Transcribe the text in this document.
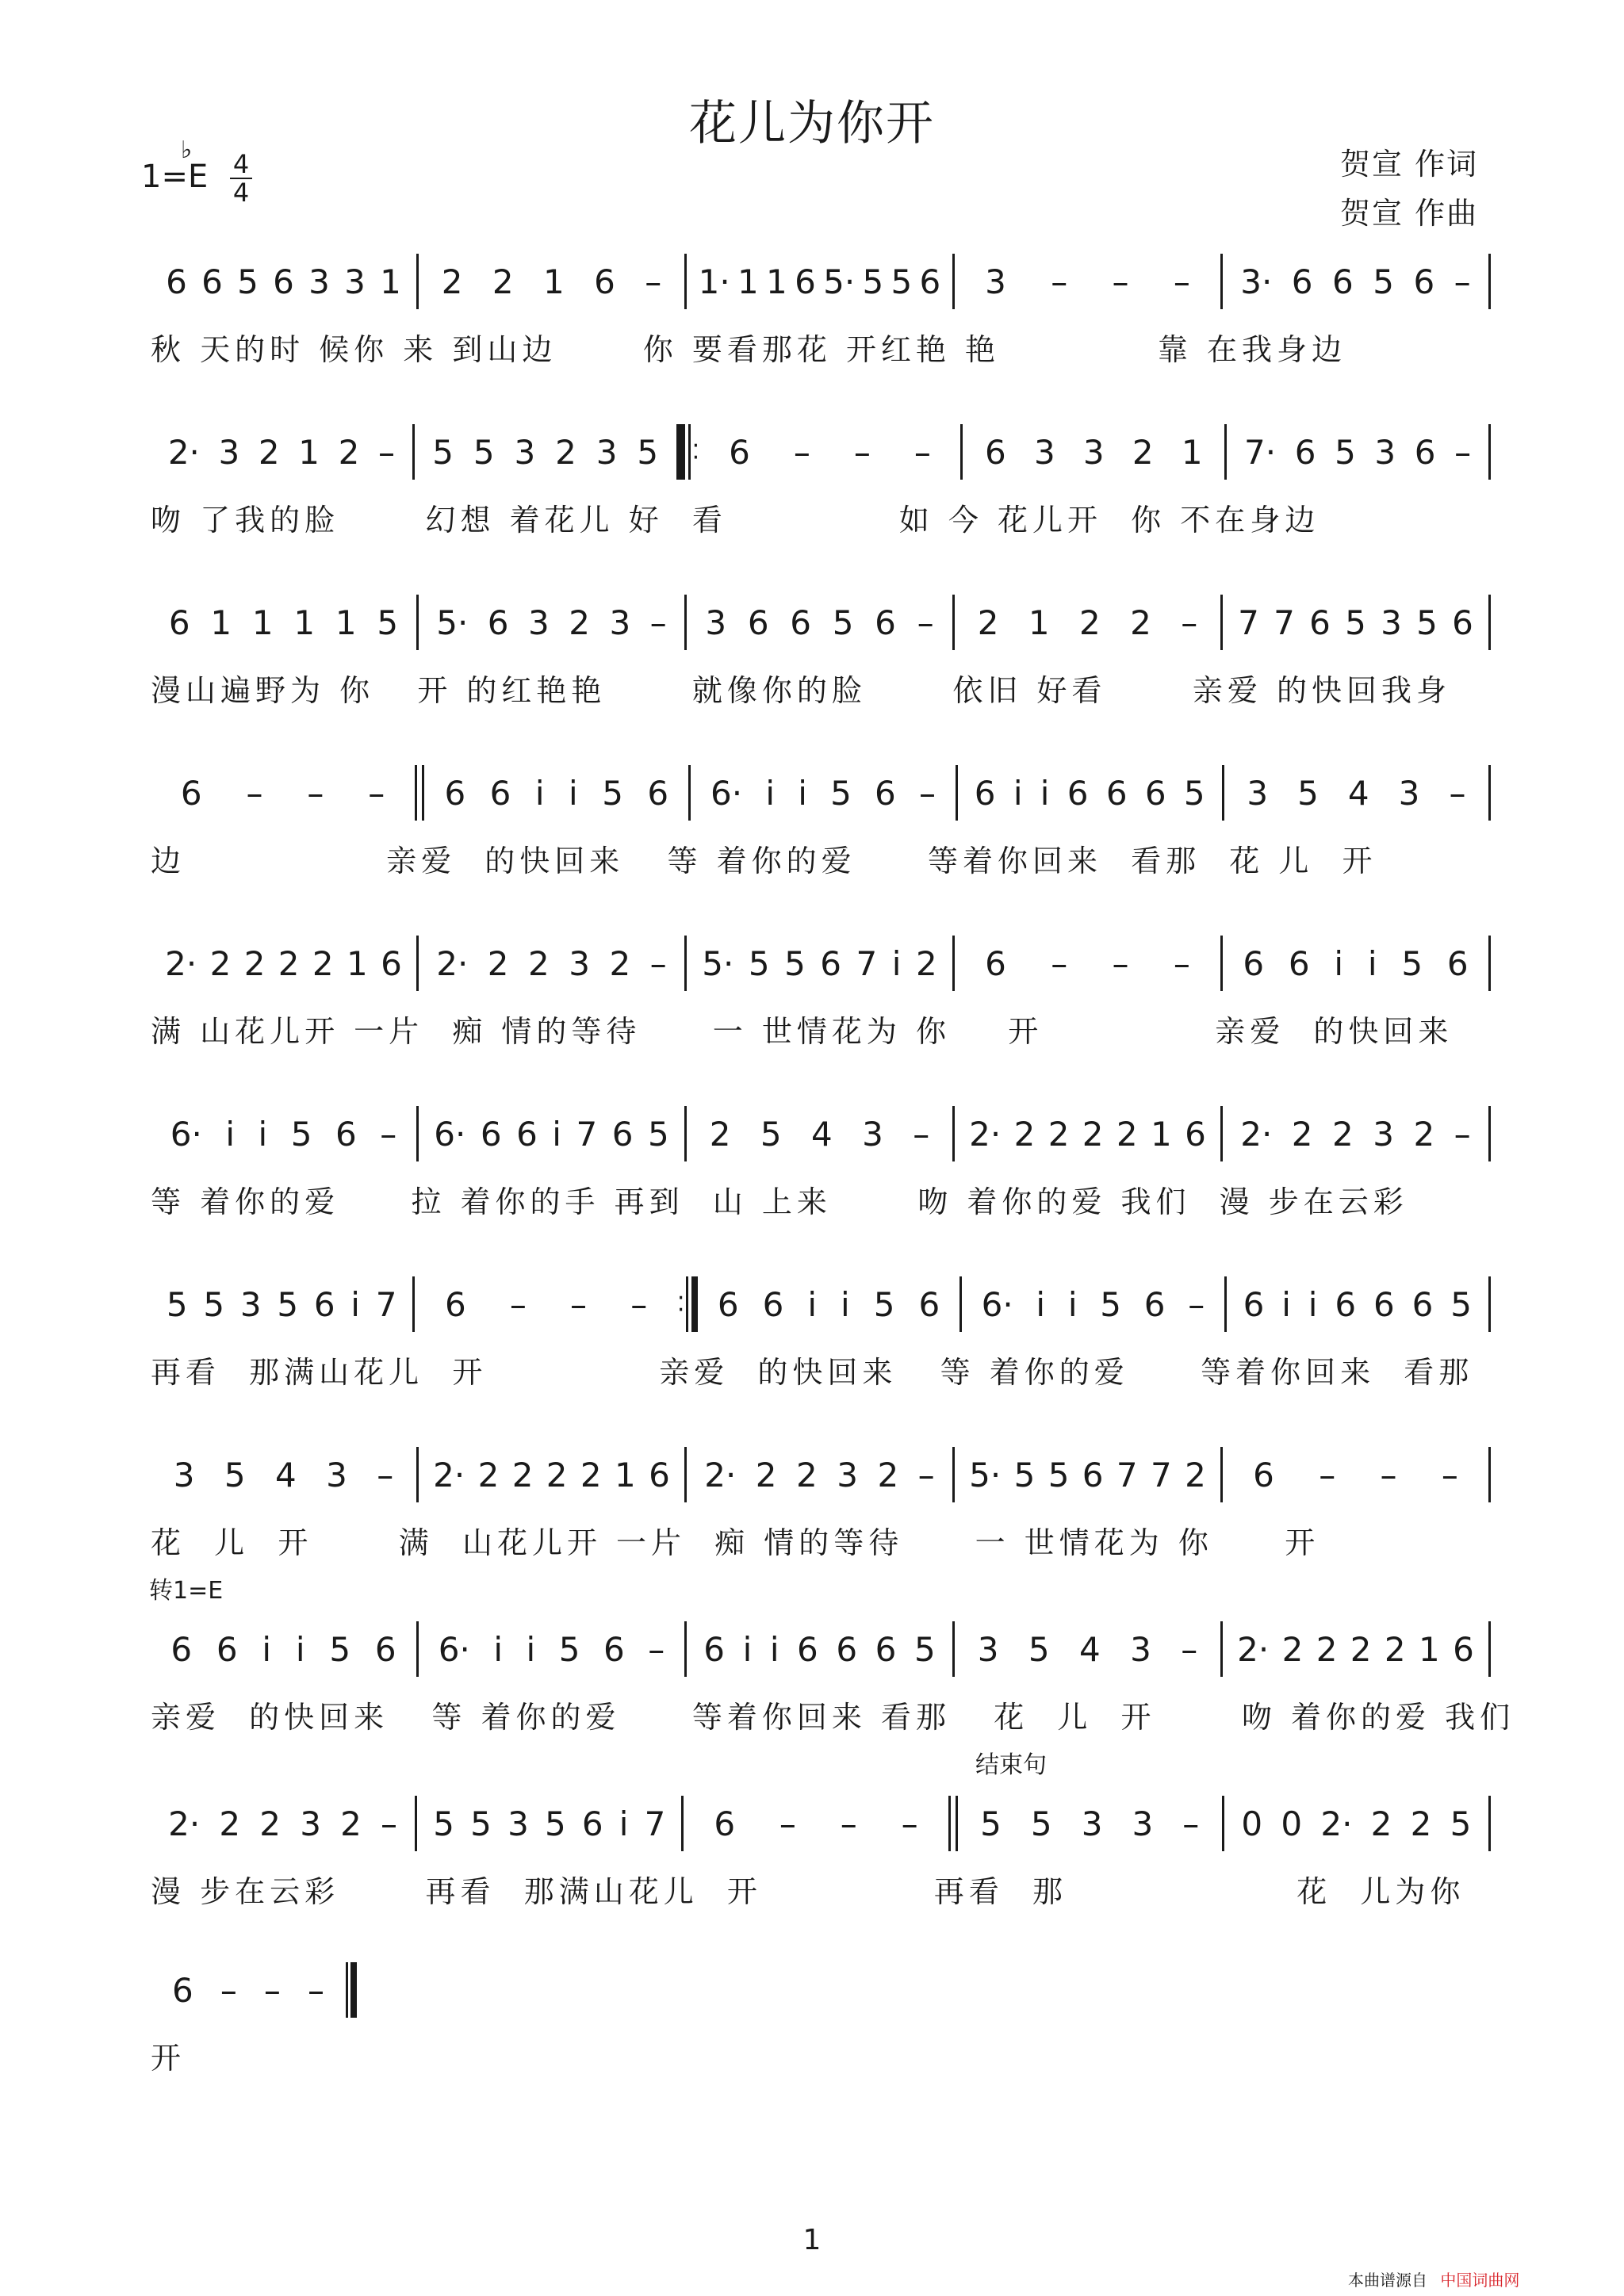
花儿为你开
1=E
♭ 4
4
贺宣 作词
贺宣 作曲
6 6 5 6 3 3 1 2 2 1 6 – 1· 1 1 6 5· 5 5 6 3 – – – 3· 6 6 5 6 –
秋 天的时 候你 来 到山边      你 要看那花 开红艳 艳           靠 在我身边
2· 3 2 1 2 – 5 5 3 2 3 5 ·
· 6 – – – 6 3 3 2 1 7· 6 5 3 6 –
吻 了我的脸      幻想 着花儿 好  看            如 今 花儿开  你 不在身边
6 1 1 1 1 5 5· 6 3 2 3 – 3 6 6 5 6 – 2 1 2 2 – 7 7 6 5 3 5 6
漫山遍野为 你   开 的红艳艳      就像你的脸      依旧 好看      亲爱 的快回我身
6 – – – 6 6 i i 5 6 6· i i 5 6 – 6 i i 6 6 6 5 3 5 4 3 –
边              亲爱  的快回来   等 着你的爱     等着你回来  看那  花 儿  开
2· 2 2 2 2 1 6 2· 2 2 3 2 – 5· 5 5 6 7 i 2 6 – – – 6 6 i i 5 6
满 山花儿开 一片  痴 情的等待     一 世情花为 你    开            亲爱  的快回来
6· i i 5 6 – 6· 6 6 i 7 6 5 2 5 4 3 – 2· 2 2 2 2 1 6 2· 2 2 3 2 –
等 着你的爱     拉 着你的手 再到  山 上来      吻 着你的爱 我们  漫 步在云彩
5 5 3 5 6 i 7 6 – – – ·
· 6 6 i i 5 6 6· i i 5 6 – 6 i i 6 6 6 5
再看  那满山花儿  开            亲爱  的快回来   等 着你的爱     等着你回来  看那
3 5 4 3 – 2· 2 2 2 2 1 6 2· 2 2 3 2 – 5· 5 5 6 7 7 2 6 – – –
花  儿  开      满  山花儿开 一片  痴 情的等待     一 世情花为 你     开
转1=E
6 6 i i 5 6 6· i i 5 6 – 6 i i 6 6 6 5 3 5 4 3 – 2· 2 2 2 2 1 6
亲爱  的快回来   等 着你的爱     等着你回来 看那   花  儿  开      吻 着你的爱 我们
结束句
2· 2 2 3 2 – 5 5 3 5 6 i 7 6 – – – 5 5 3 3 – 0 0 2· 2 2 5
漫 步在云彩      再看  那满山花儿  开            再看  那                花  儿为你
6 – – –
开
1
本曲谱源自 中国词曲网
